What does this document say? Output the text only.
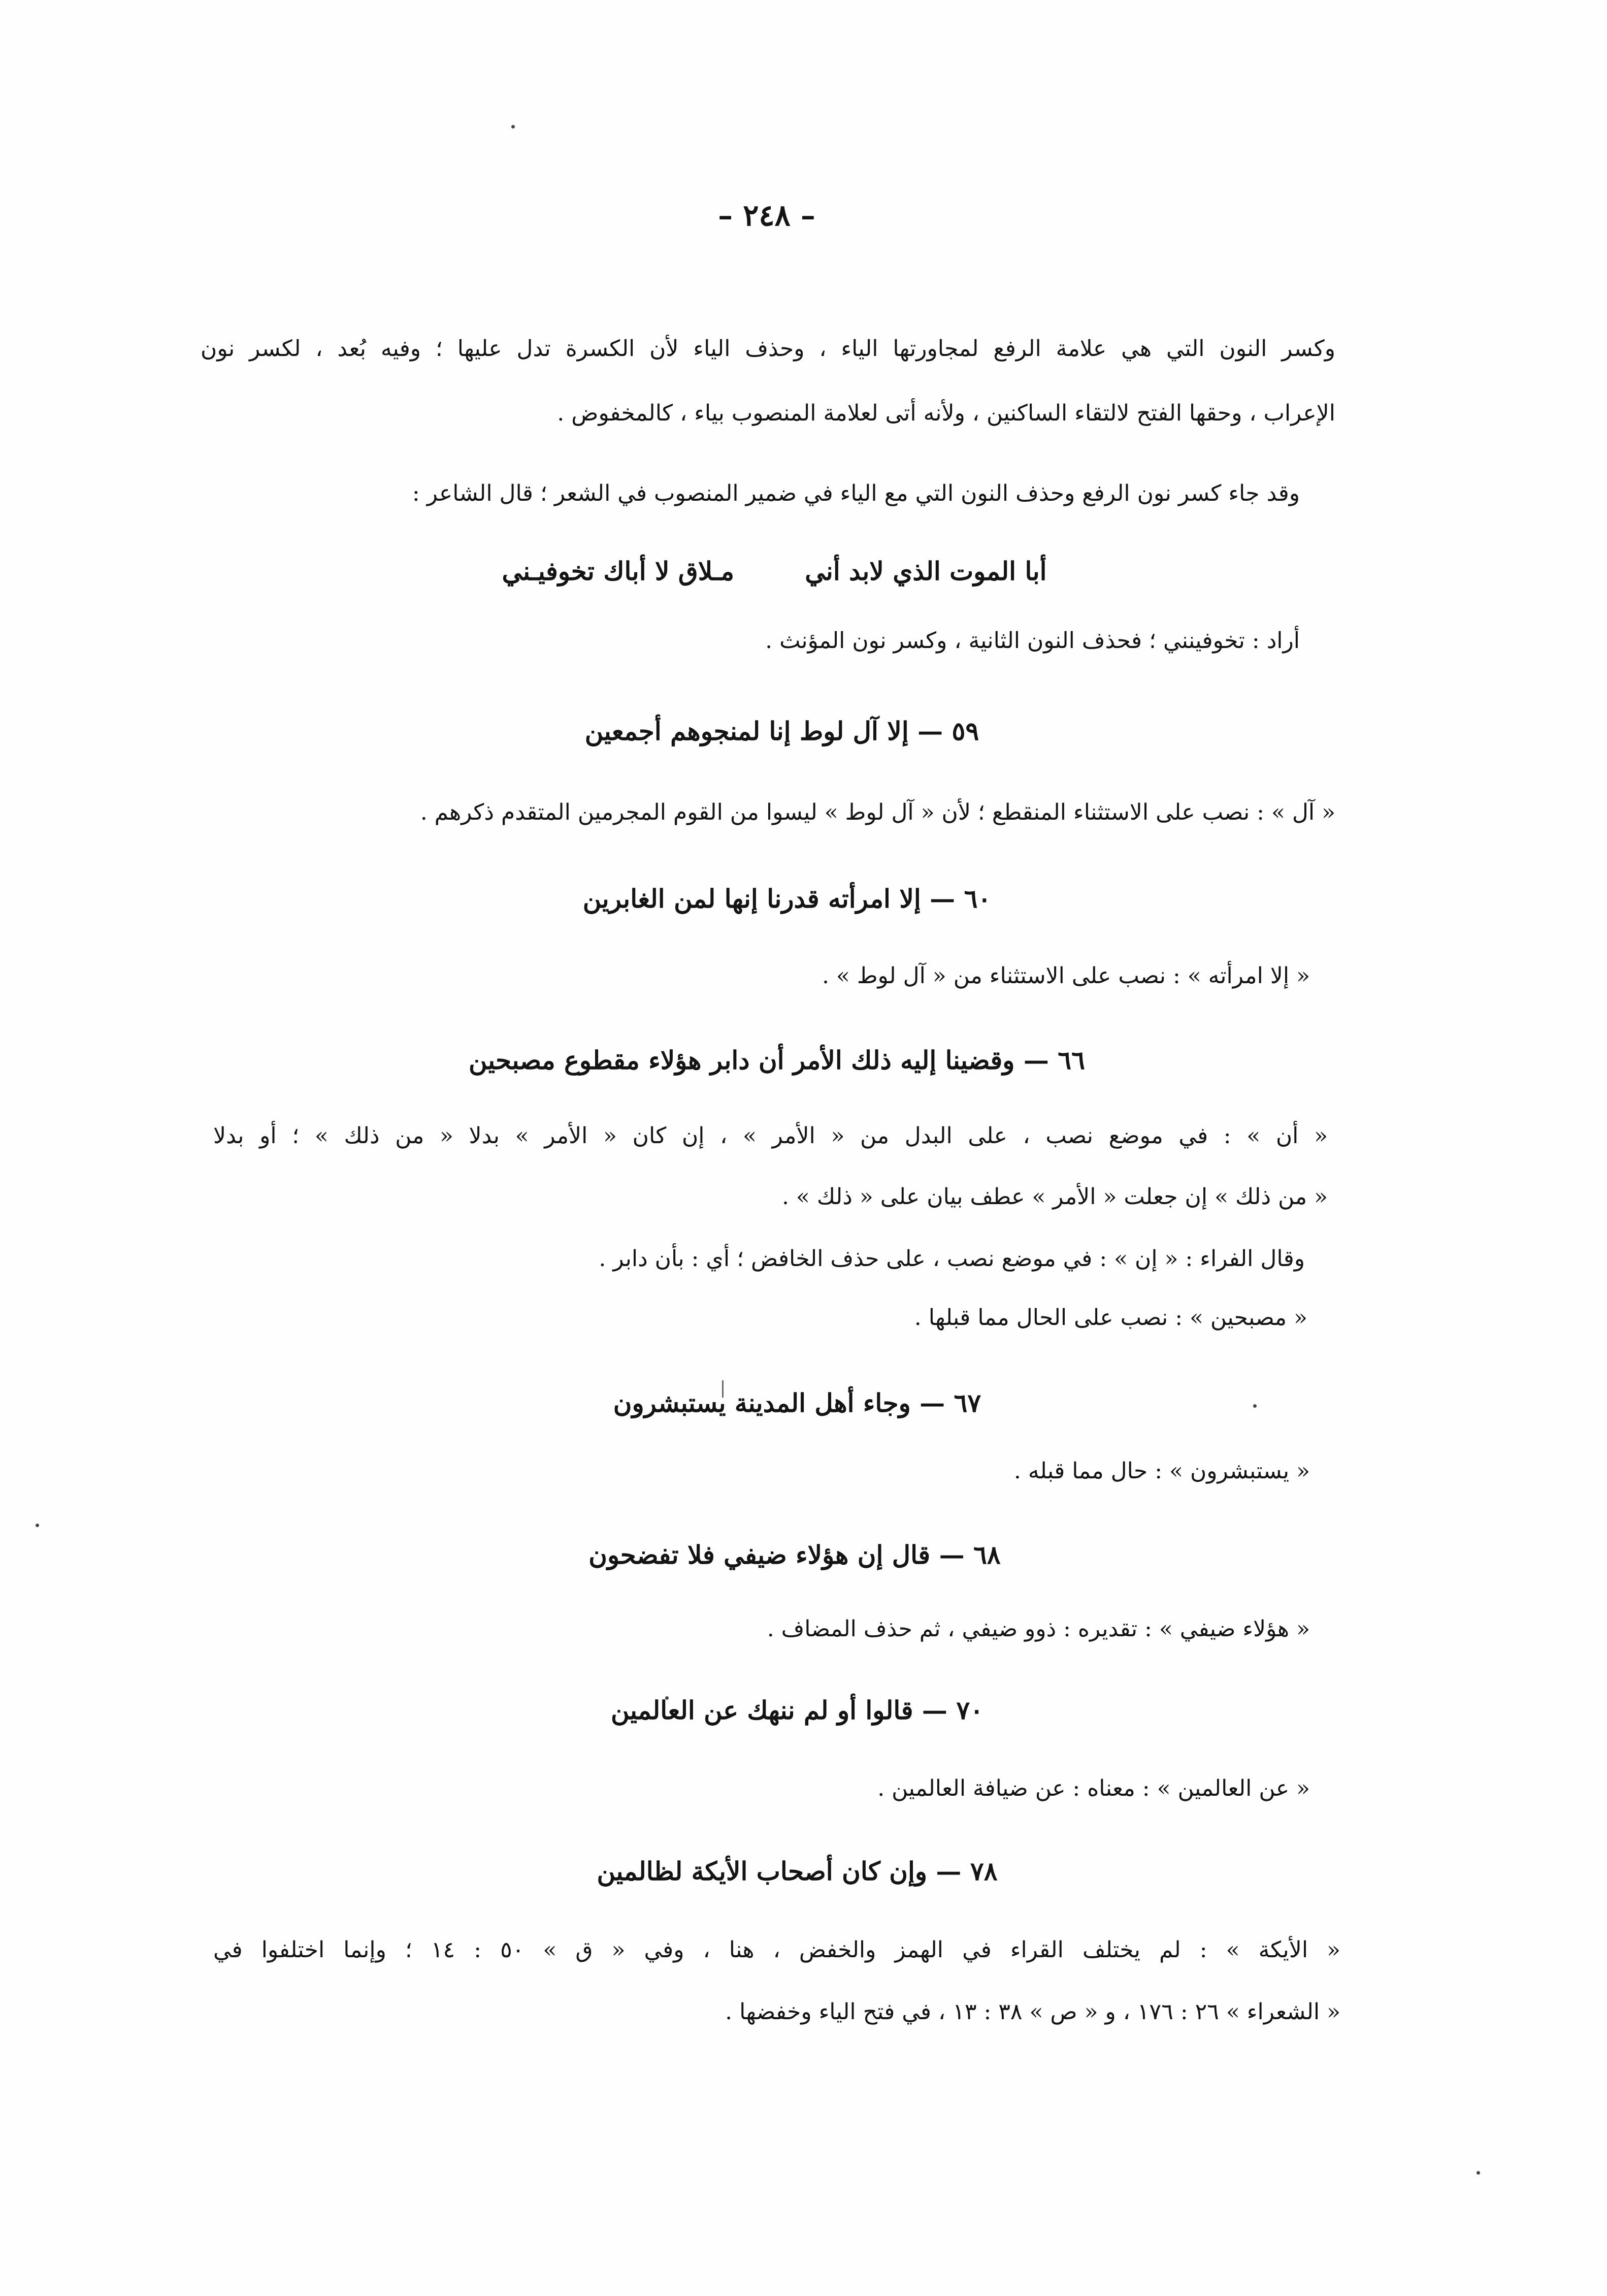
– ٢٤٨ –
وكسر النون التي هي علامة الرفع لمجاورتها الياء ، وحذف الياء لأن الكسرة تدل عليها ؛ وفيه بُعد ، لكسر نون
الإعراب ، وحقها الفتح لالتقاء الساكنين ، ولأنه أتى لعلامة المنصوب بياء ، كالمخفوض .
وقد جاء كسر نون الرفع وحذف النون التي مع الياء في ضمير المنصوب في الشعر ؛ قال الشاعر :
أبا الموت الذي لابد أني        مـلاق لا أباك تخوفيـني
أراد : تخوفينني ؛ فحذف النون الثانية ، وكسر نون المؤنث .
٥٩ — إلا آل لوط إنا لمنجوهم أجمعين
« آل » : نصب على الاستثناء المنقطع ؛ لأن « آل لوط » ليسوا من القوم المجرمين المتقدم ذكرهم .
٦٠ — إلا امرأته قدرنا إنها لمن الغابرين
« إلا امرأته » : نصب على الاستثناء من « آل لوط » .
٦٦ — وقضينا إليه ذلك الأمر أن دابر هؤلاء مقطوع مصبحين
« أن » : في موضع نصب ، على البدل من « الأمر » ، إن كان « الأمر » بدلا « من ذلك » ؛ أو بدلا
« من ذلك » إن جعلت « الأمر » عطف بيان على « ذلك » .
وقال الفراء : « إن » : في موضع نصب ، على حذف الخافض ؛ أي : بأن دابر .
« مصبحين » : نصب على الحال مما قبلها .
٦٧ — وجاء أهل المدينة يستبشرون
« يستبشرون » : حال مما قبله .
٦٨ — قال إن هؤلاء ضيفي فلا تفضحون
« هؤلاء ضيفي » : تقديره : ذوو ضيفي ، ثم حذف المضاف .
٧٠ — قالوا أو لم ننهك عن العالمين
« عن العالمين » : معناه : عن ضيافة العالمين .
٧٨ — وإن كان أصحاب الأيكة لظالمين
« الأيكة » : لم يختلف القراء في الهمز والخفض ، هنا ، وفي « ق » ٥٠ : ١٤ ؛ وإنما اختلفوا في
« الشعراء » ٢٦ : ١٧٦ ، و « ص » ٣٨ : ١٣ ، في فتح الياء وخفضها .
